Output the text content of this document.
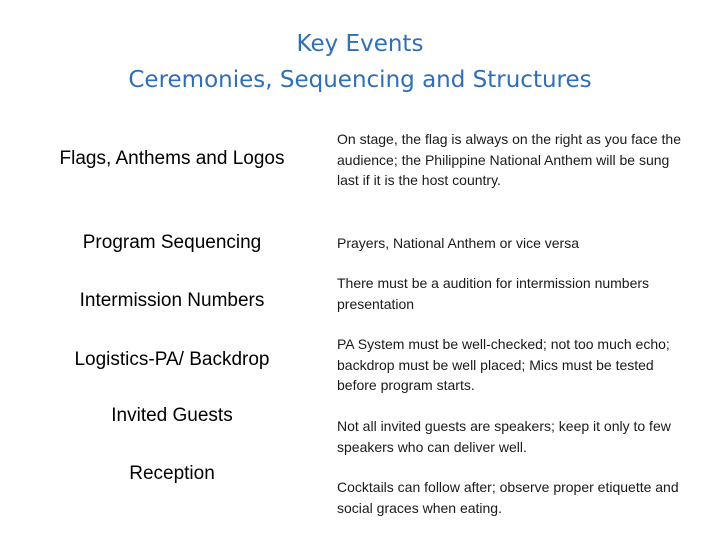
Key Events
Ceremonies, Sequencing and Structures
Flags, Anthems and Logos
On stage, the flag is always on the right as you face the audience; the Philippine National Anthem will be sung last if it is the host country.
Program Sequencing	Prayers, National Anthem or vice versa
Intermission Numbers
There must be a audition for intermission numbers presentation
Logistics-PA/ Backdrop
PA System must be well-checked; not too much echo; backdrop must be well placed; Mics must be tested before program starts.
Invited Guests	Not all invited guests are speakers; keep it only to few speakers who can deliver well.
Reception
Cocktails can follow after; observe proper etiquette and social graces when eating.
